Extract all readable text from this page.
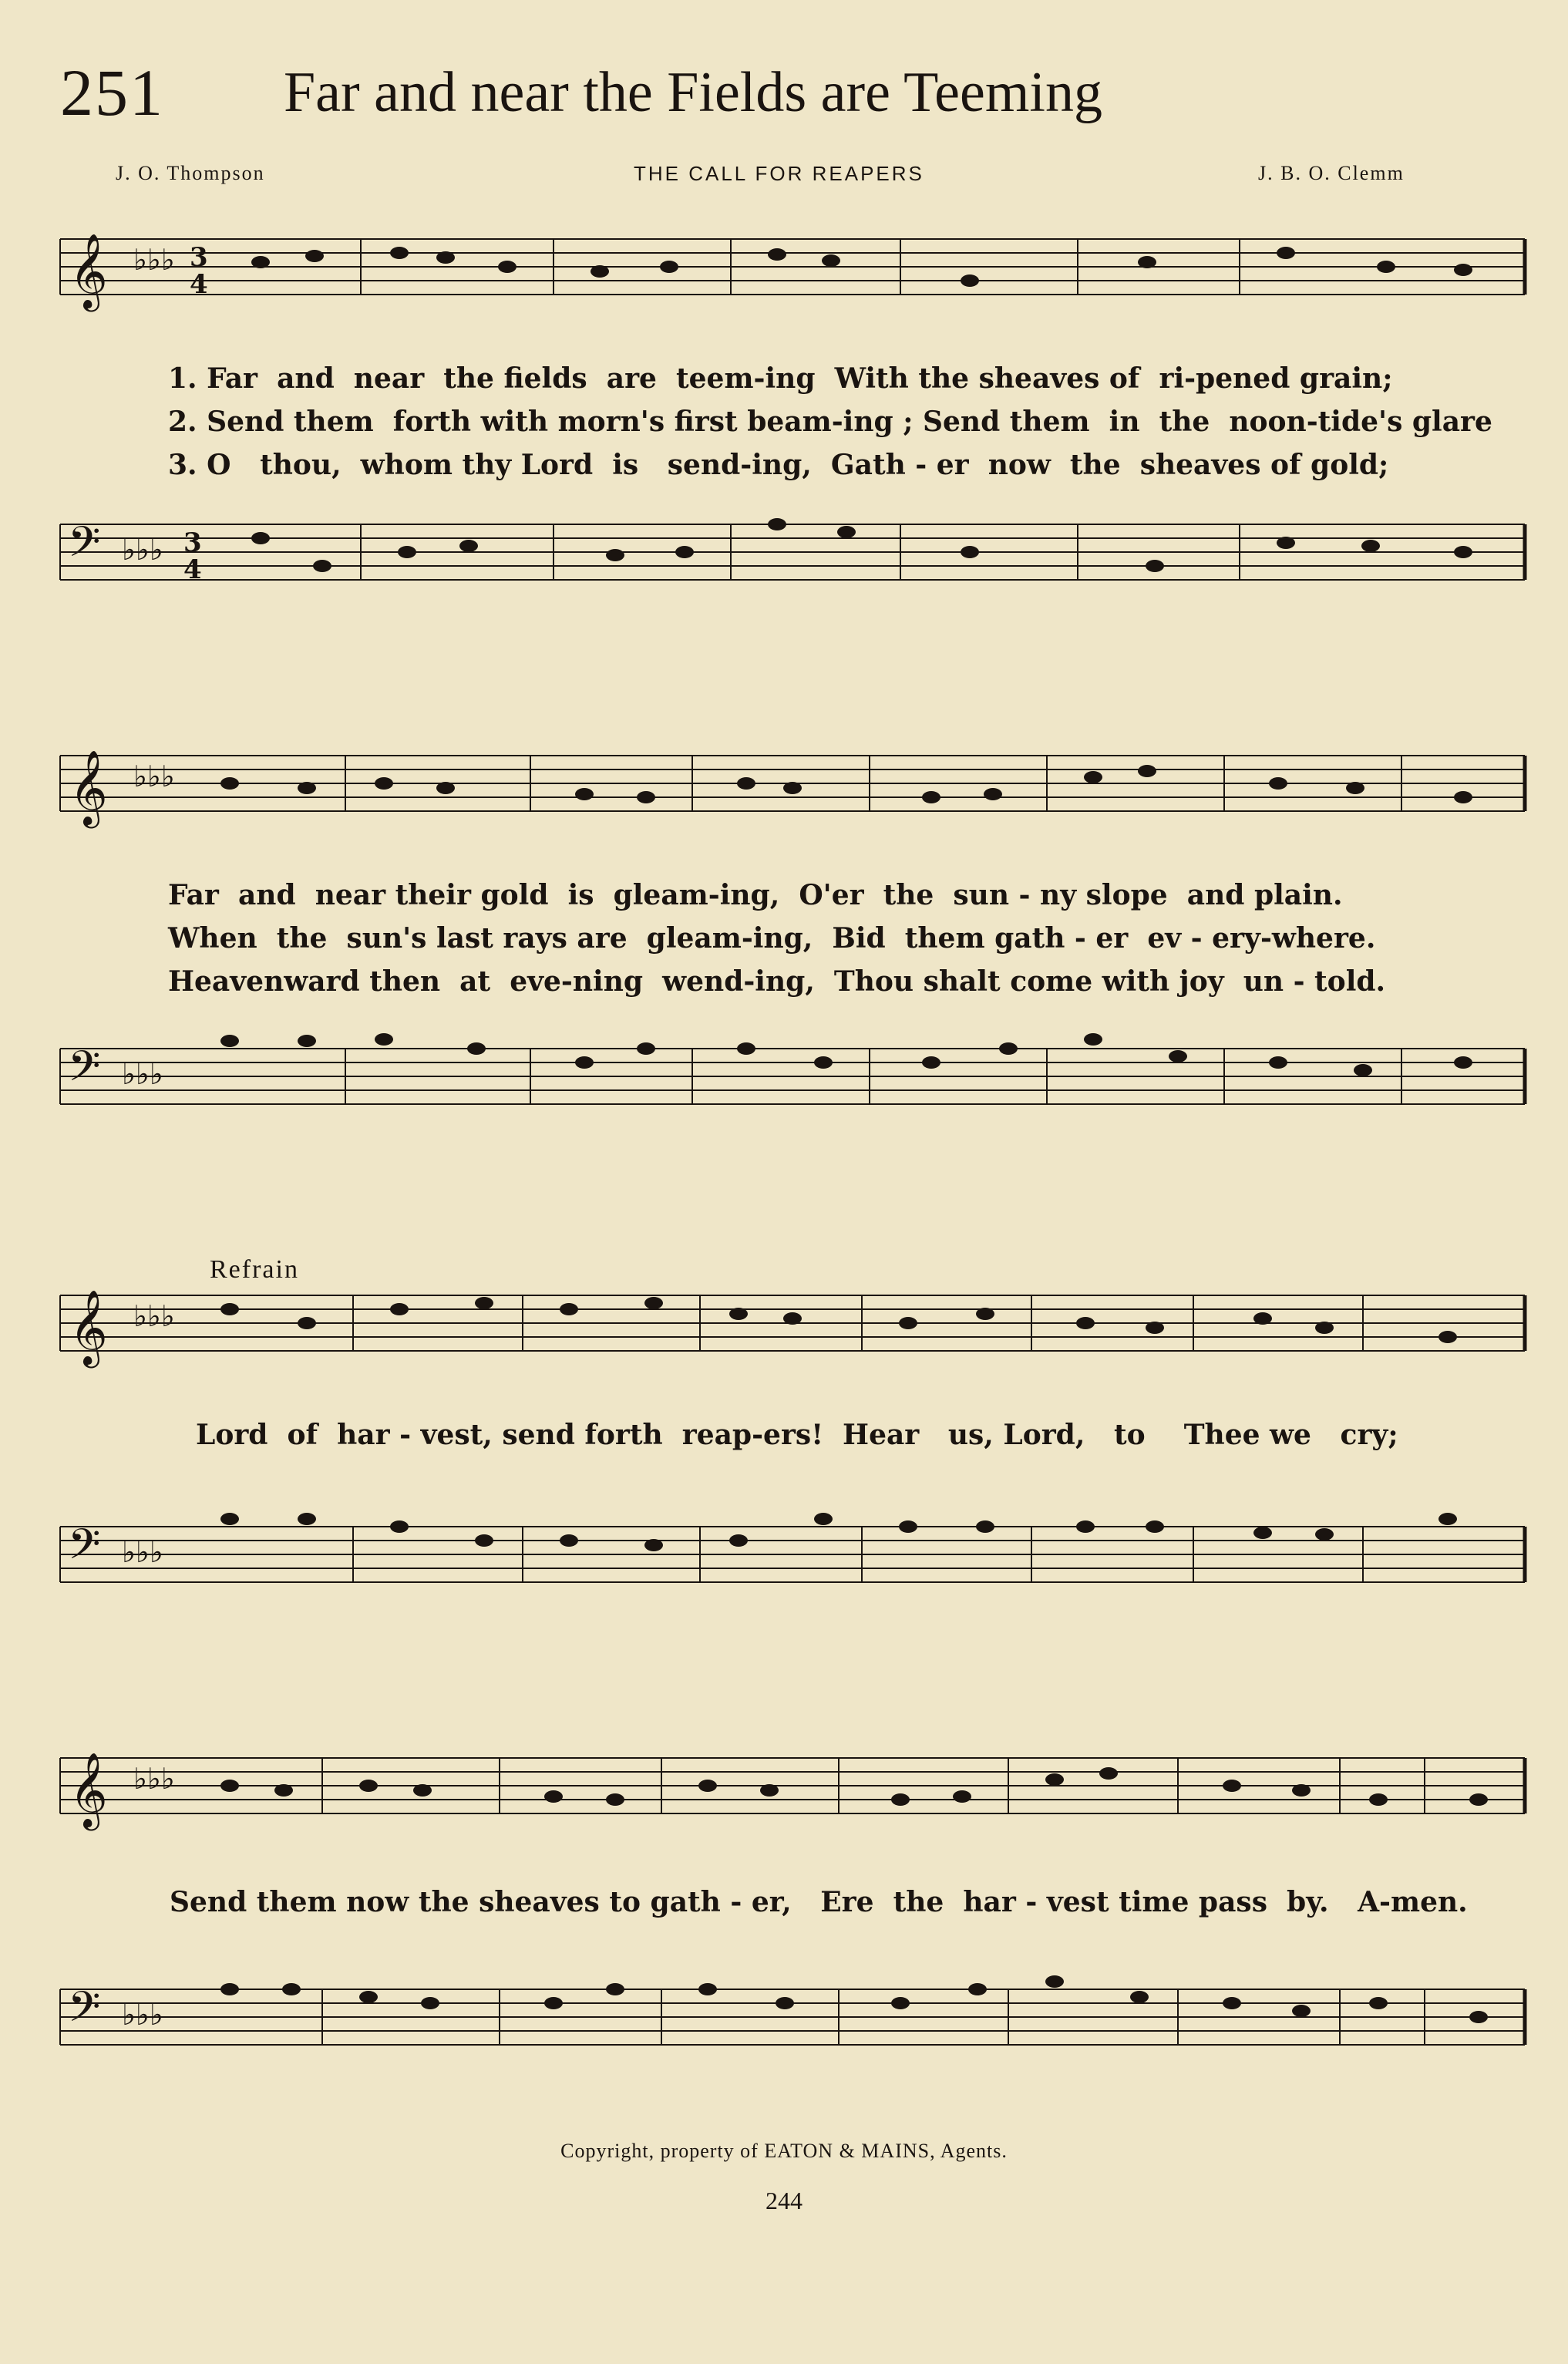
251 Far and near the Fields are Teeming
J. O. Thompson	THE CALL FOR REAPERS	J. B. O. Clemm
𝄞 ♭♭♭ 3
4
1. Far  and  near  the fields  are  teem-ing  With the sheaves of  ri-pened grain;
2. Send them  forth with morn's first beam-ing ; Send them  in  the  noon-tide's glare
3. O   thou,  whom thy Lord  is   send-ing,  Gath - er  now  the  sheaves of gold;
𝄢 ♭♭♭ 3
4
𝄞 ♭♭♭
Far  and  near their gold  is  gleam-ing,  O'er  the  sun - ny slope  and plain.
When  the  sun's last rays are  gleam-ing,  Bid  them gath - er  ev - ery-where.
Heavenward then  at  eve-ning  wend-ing,  Thou shalt come with joy  un - told.
𝄢 ♭♭♭
Refrain
𝄞 ♭♭♭
Lord  of  har - vest, send forth  reap-ers!  Hear   us, Lord,   to    Thee we   cry;
𝄢 ♭♭♭
𝄞 ♭♭♭
Send them now the sheaves to gath - er,   Ere  the  har - vest time pass  by.   A-men.
𝄢 ♭♭♭
Copyright, property of EATON & MAINS, Agents.
244
